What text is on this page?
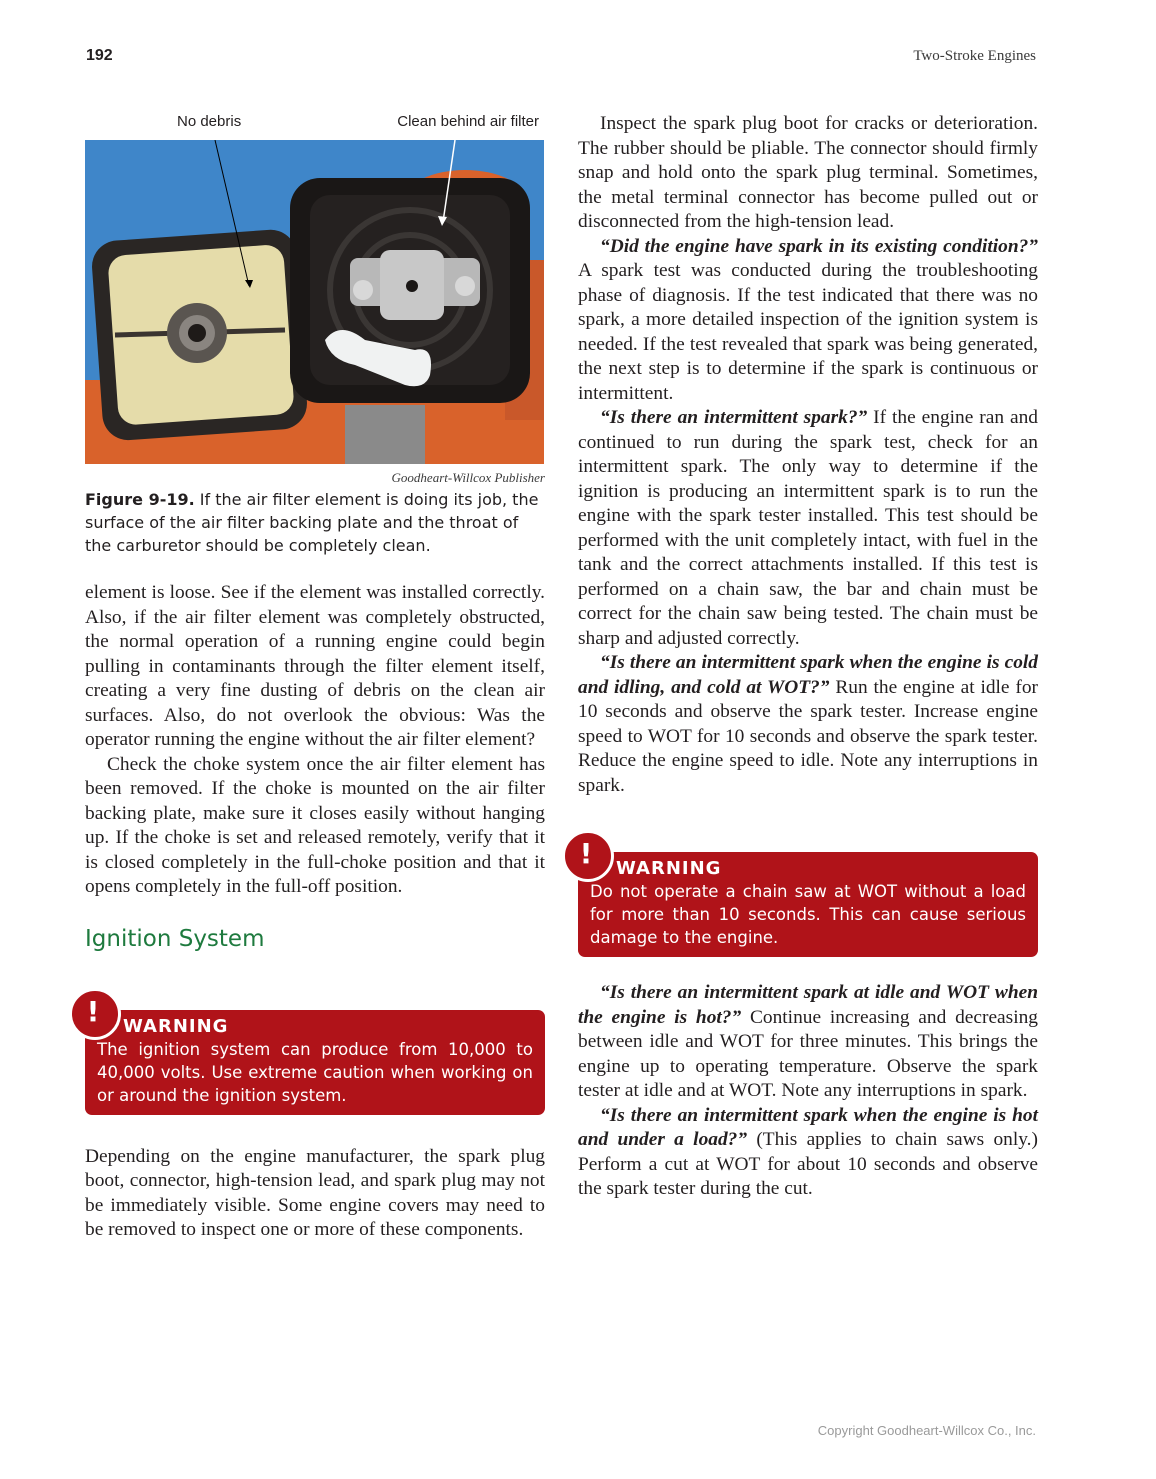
192	Two-Stroke Engines
No debris	Clean behind air filter
Goodheart-Willcox Publisher
Figure 9-19. If the air filter element is doing its job, the surface of the air filter backing plate and the throat of the carburetor should be completely clean.

element is loose. See if the element was installed correctly. Also, if the air filter element was completely obstructed, the normal operation of a running engine could begin pulling in contaminants through the filter element itself, creating a very fine dusting of debris on the clean air surfaces. Also, do not overlook the obvious: Was the operator running the engine without the air filter element?

Check the choke system once the air filter element has been removed. If the choke is mounted on the air filter backing plate, make sure it closes easily without hanging up. If the choke is set and released remotely, verify that it is closed completely in the full-choke position and that it opens completely in the full-off position.

Ignition System
!	WARNING
The ignition system can produce from 10,000 to 40,000 volts. Use extreme caution when working on or around the ignition system.

Depending on the engine manufacturer, the spark plug boot, connector, high-tension lead, and spark plug may not be immediately visible. Some engine covers may need to be removed to inspect one or more of these components.

Inspect the spark plug boot for cracks or deterioration. The rubber should be pliable. The connector should firmly snap and hold onto the spark plug terminal. Sometimes, the metal terminal connector has become pulled out or disconnected from the high-tension lead.

“Did the engine have spark in its existing condition?” A spark test was conducted during the troubleshooting phase of diagnosis. If the test indicated that there was no spark, a more detailed inspection of the ignition system is needed. If the test revealed that spark was being generated, the next step is to determine if the spark is continuous or intermittent.

“Is there an intermittent spark?” If the engine ran and continued to run during the spark test, check for an intermittent spark. The only way to determine if the ignition is producing an intermittent spark is to run the engine with the spark tester installed. This test should be performed with the unit completely intact, with fuel in the tank and the correct attachments installed. If this test is performed on a chain saw, the bar and chain must be correct for the chain saw being tested. The chain must be sharp and adjusted correctly.

“Is there an intermittent spark when the engine is cold and idling, and cold at WOT?” Run the engine at idle for 10 seconds and observe the spark tester. Increase engine speed to WOT for 10 seconds and observe the spark tester. Reduce the engine speed to idle. Note any interruptions in spark.

!	WARNING
Do not operate a chain saw at WOT without a load for more than 10 seconds. This can cause serious damage to the engine.

“Is there an intermittent spark at idle and WOT when the engine is hot?” Continue increasing and decreasing between idle and WOT for three minutes. This brings the engine up to operating temperature. Observe the spark tester at idle and at WOT. Note any interruptions in spark.

“Is there an intermittent spark when the engine is hot and under a load?” (This applies to chain saws only.) Perform a cut at WOT for about 10 seconds and observe the spark tester during the cut.

Copyright Goodheart-Willcox Co., Inc.
